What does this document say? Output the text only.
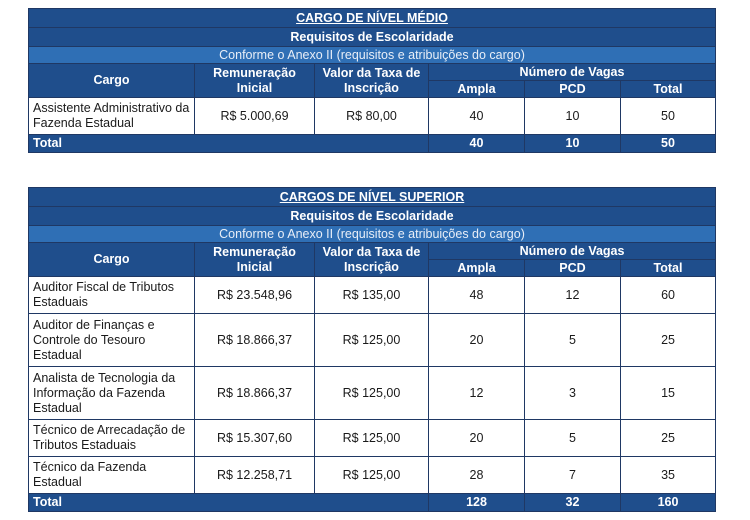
CARGO DE NÍVEL MÉDIO					
Requisitos de Escolaridade					
Conforme o Anexo II (requisitos e atribuições do cargo)					
Cargo	Remuneração Inicial	Valor da Taxa de Inscrição	Número de Vagas		
			Ampla	PCD	Total
Assistente Administrativo da Fazenda Estadual	R$ 5.000,69	R$ 80,00	40	10	50
Total			40	10	50
CARGOS DE NÍVEL SUPERIOR					
Requisitos de Escolaridade					
Conforme o Anexo II (requisitos e atribuições do cargo)					
Cargo	Remuneração Inicial	Valor da Taxa de Inscrição	Número de Vagas		
			Ampla	PCD	Total
Auditor Fiscal de Tributos Estaduais	R$ 23.548,96	R$ 135,00	48	12	60
Auditor de Finanças e Controle do Tesouro Estadual	R$ 18.866,37	R$ 125,00	20	5	25
Analista de Tecnologia da Informação da Fazenda Estadual	R$ 18.866,37	R$ 125,00	12	3	15
Técnico de Arrecadação de Tributos Estaduais	R$ 15.307,60	R$ 125,00	20	5	25
Técnico da Fazenda Estadual	R$ 12.258,71	R$ 125,00	28	7	35
Total			128	32	160
